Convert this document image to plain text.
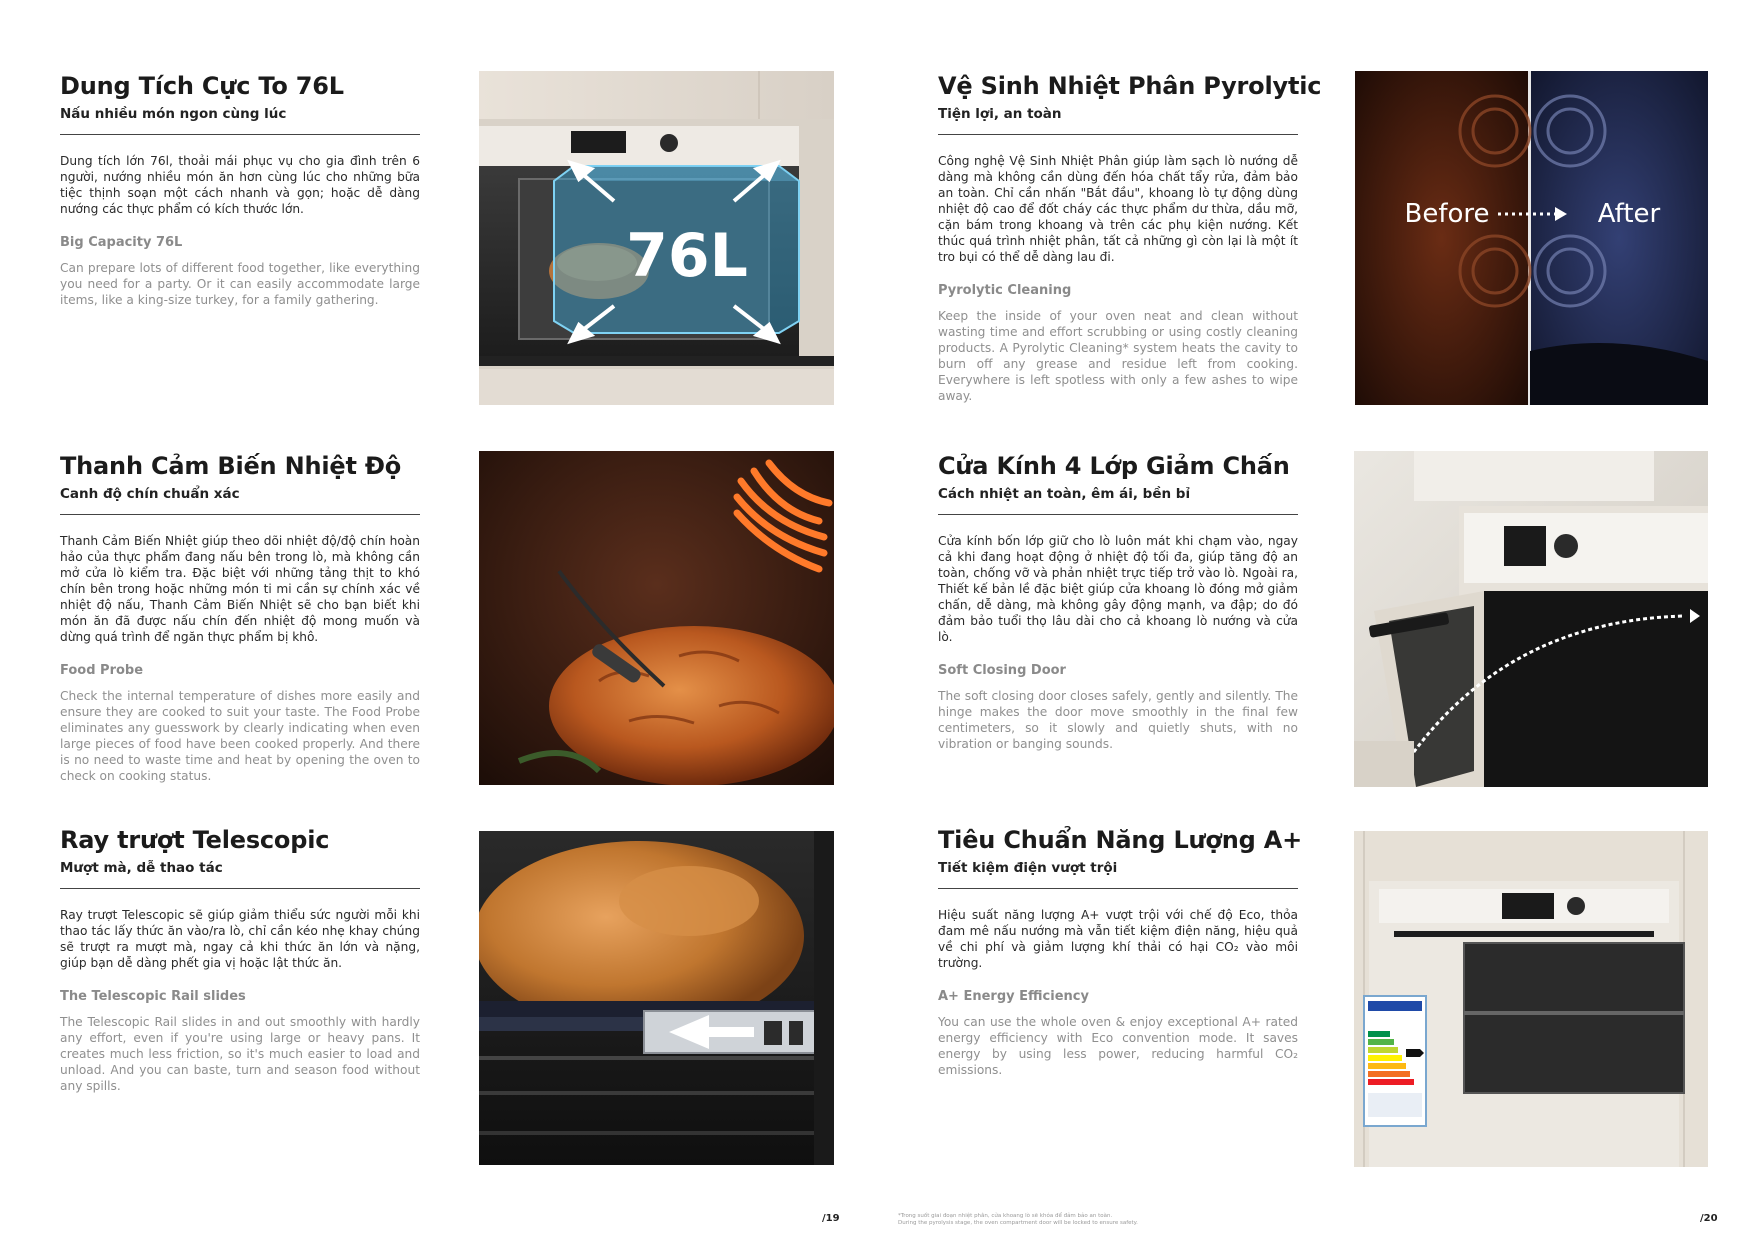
Dung Tích Cực To 76L
Nấu nhiều món ngon cùng lúc

Dung tích lớn 76l, thoải mái phục vụ cho gia đình trên 6 người, nướng nhiều món ăn hơn cùng lúc cho những bữa tiệc thịnh soạn một cách nhanh và gọn; hoặc dễ dàng nướng các thực phẩm có kích thước lớn.

Big Capacity 76L

Can prepare lots of different food together, like everything you need for a party. Or it can easily accommodate large items, like a king-size turkey, for a family gathering.

Thanh Cảm Biến Nhiệt Độ
Canh độ chín chuẩn xác

Thanh Cảm Biến Nhiệt giúp theo dõi nhiệt độ/độ chín hoàn hảo của thực phẩm đang nấu bên trong lò, mà không cần mở cửa lò kiểm tra. Đặc biệt với những tảng thịt to khó chín bên trong hoặc những món ti mi cần sự chính xác về nhiệt độ nấu, Thanh Cảm Biến Nhiệt sẽ cho bạn biết khi món ăn đã được nấu chín đến nhiệt độ mong muốn và dừng quá trình để ngăn thực phẩm bị khô.

Food Probe

Check the internal temperature of dishes more easily and ensure they are cooked to suit your taste. The Food Probe eliminates any guesswork by clearly indicating when even large pieces of food have been cooked properly. And there is no need to waste time and heat by opening the oven to check on cooking status.

Ray trượt Telescopic
Mượt mà, dễ thao tác

Ray trượt Telescopic sẽ giúp giảm thiểu sức người mỗi khi thao tác lấy thức ăn vào/ra lò, chỉ cần kéo nhẹ khay chúng sẽ trượt ra mượt mà, ngay cả khi thức ăn lớn và nặng, giúp bạn dễ dàng phết gia vị hoặc lật thức ăn.

The Telescopic Rail slides

The Telescopic Rail slides in and out smoothly with hardly any effort, even if you're using large or heavy pans. It creates much less friction, so it's much easier to load and unload. And you can baste, turn and season food without any spills.

Vệ Sinh Nhiệt Phân Pyrolytic
Tiện lợi, an toàn

Công nghệ Vệ Sinh Nhiệt Phân giúp làm sạch lò nướng dễ dàng mà không cần dùng đến hóa chất tẩy rửa, đảm bảo an toàn. Chỉ cần nhấn "Bắt đầu", khoang lò tự động dùng nhiệt độ cao để đốt cháy các thực phẩm dư thừa, dầu mỡ, cặn bám trong khoang và trên các phụ kiện nướng. Kết thúc quá trình nhiệt phân, tất cả những gì còn lại là một ít tro bụi có thể dễ dàng lau đi.

Pyrolytic Cleaning

Keep the inside of your oven neat and clean without wasting time and effort scrubbing or using costly cleaning products. A Pyrolytic Cleaning* system heats the cavity to burn off any grease and residue left from cooking. Everywhere is left spotless with only a few ashes to wipe away.

Cửa Kính 4 Lớp Giảm Chấn
Cách nhiệt an toàn, êm ái, bền bỉ

Cửa kính bốn lớp giữ cho lò luôn mát khi chạm vào, ngay cả khi đang hoạt động ở nhiệt độ tối đa, giúp tăng độ an toàn, chống vỡ và phản nhiệt trực tiếp trở vào lò. Ngoài ra, Thiết kế bản lề đặc biệt giúp cửa khoang lò đóng mở giảm chấn, dễ dàng, mà không gây động mạnh, va đập; do đó đảm bảo tuổi thọ lâu dài cho cả khoang lò nướng và cửa lò.

Soft Closing Door

The soft closing door closes safely, gently and silently. The hinge makes the door move smoothly in the final few centimeters, so it slowly and quietly shuts, with no vibration or banging sounds.

Tiêu Chuẩn Năng Lượng A+
Tiết kiệm điện vượt trội

Hiệu suất năng lượng A+ vượt trội với chế độ Eco, thỏa đam mê nấu nướng mà vẫn tiết kiệm điện năng, hiệu quả về chi phí và giảm lượng khí thải có hại CO₂ vào môi trường.

A+ Energy Efficiency

You can use the whole oven & enjoy exceptional A+ rated energy efficiency with Eco convention mode. It saves energy by using less power, reducing harmful CO₂ emissions.

76L
Before	After
/19	/20
*Trong suốt giai đoạn nhiệt phân, cửa khoang lò sẽ khóa để đảm bảo an toàn.
During the pyrolysis stage, the oven compartment door will be locked to ensure safety.
